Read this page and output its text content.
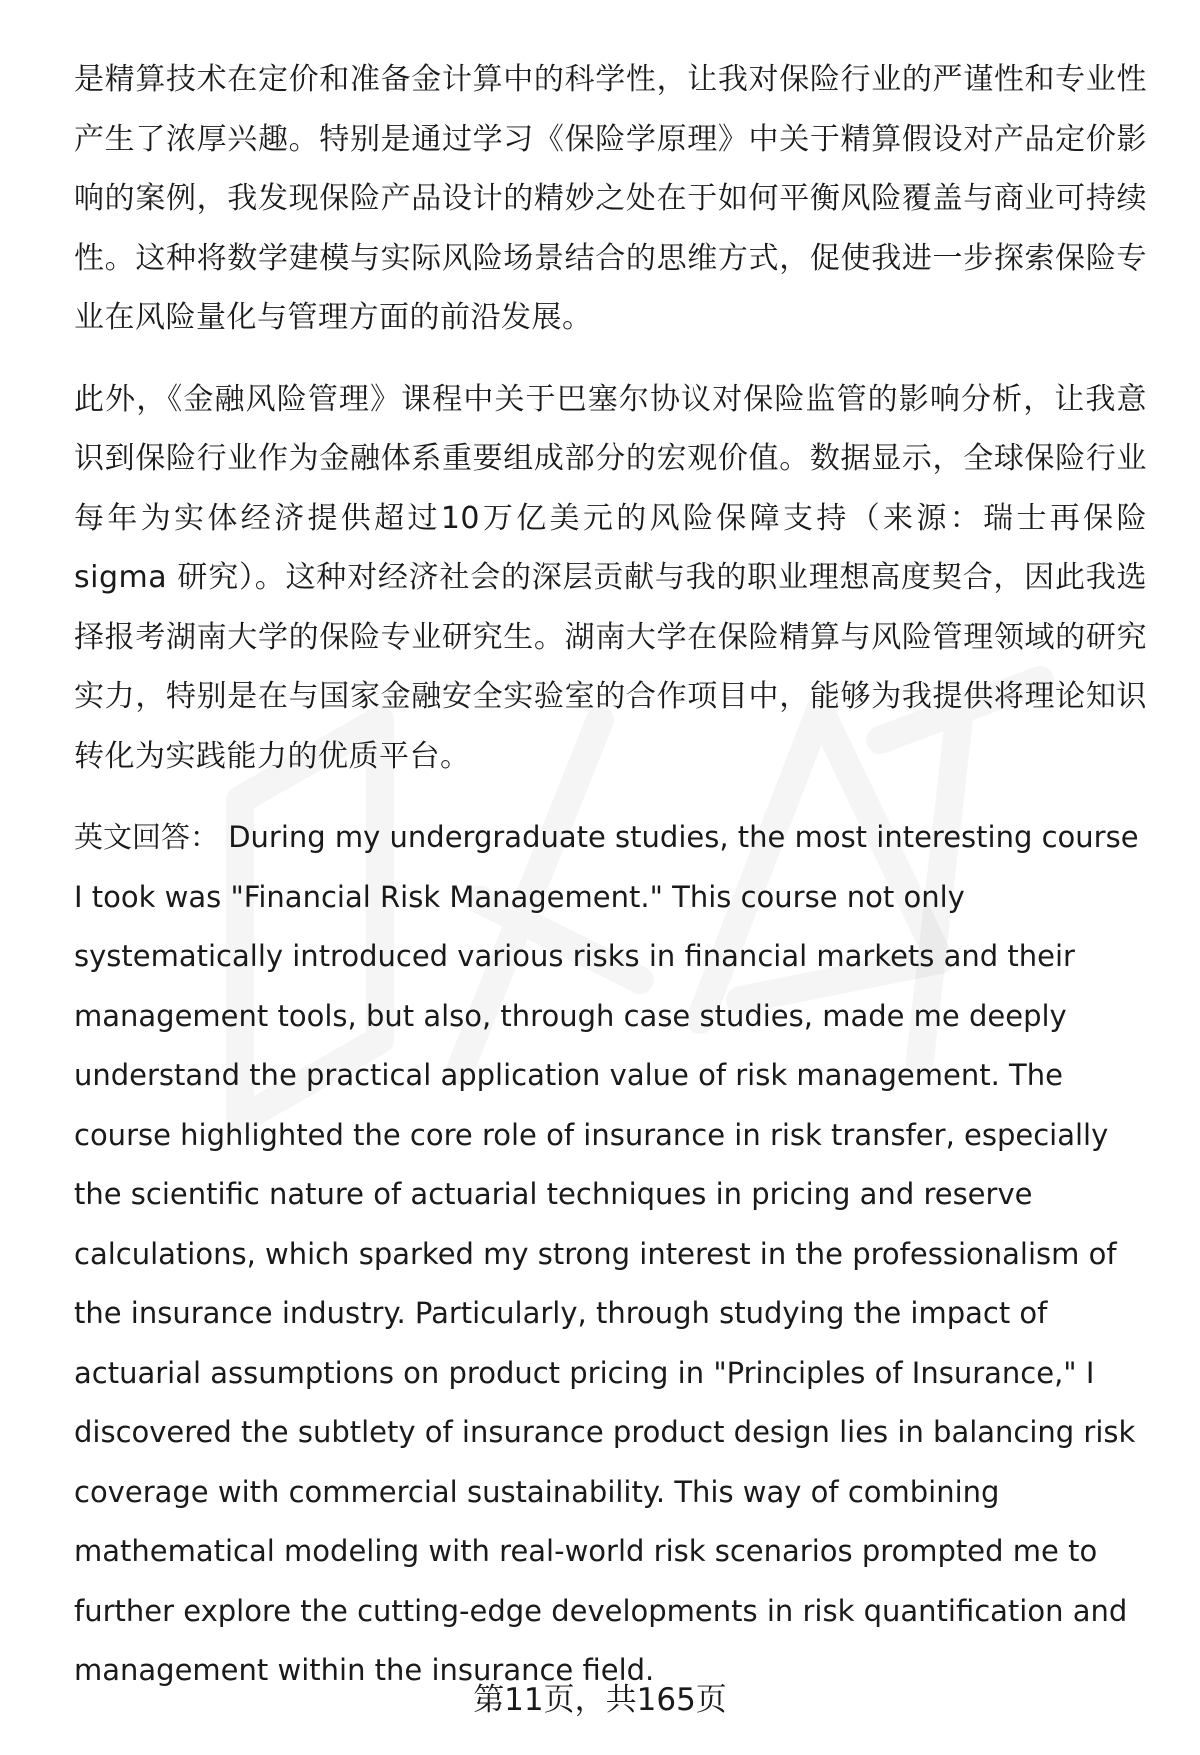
是精算技术在定价和准备金计算中的科学性，让我对保险行业的严谨性和专业性产生了浓厚兴趣。特别是通过学习《保险学原理》中关于精算假设对产品定价影响的案例，我发现保险产品设计的精妙之处在于如何平衡风险覆盖与商业可持续性。这种将数学建模与实际风险场景结合的思维方式，促使我进一步探索保险专业在风险量化与管理方面的前沿发展。

此外，《金融风险管理》课程中关于巴塞尔协议对保险监管的影响分析，让我意识到保险行业作为金融体系重要组成部分的宏观价值。数据显示，全球保险行业每年为实体经济提供超过10万亿美元的风险保障支持（来源：瑞士再保险 sigma 研究）。这种对经济社会的深层贡献与我的职业理想高度契合，因此我选择报考湖南大学的保险专业研究生。湖南大学在保险精算与风险管理领域的研究实力，特别是在与国家金融安全实验室的合作项目中，能够为我提供将理论知识转化为实践能力的优质平台。

英文回答： During my undergraduate studies, the most interesting course I took was "Financial Risk Management." This course not only systematically introduced various risks in financial markets and their management tools, but also, through case studies, made me deeply understand the practical application value of risk management. The course highlighted the core role of insurance in risk transfer, especially the scientific nature of actuarial techniques in pricing and reserve calculations, which sparked my strong interest in the professionalism of the insurance industry. Particularly, through studying the impact of actuarial assumptions on product pricing in "Principles of Insurance," I discovered the subtlety of insurance product design lies in balancing risk coverage with commercial sustainability. This way of combining mathematical modeling with real-world risk scenarios prompted me to further explore the cutting-edge developments in risk quantification and management within the insurance field.

第11页，共165页
